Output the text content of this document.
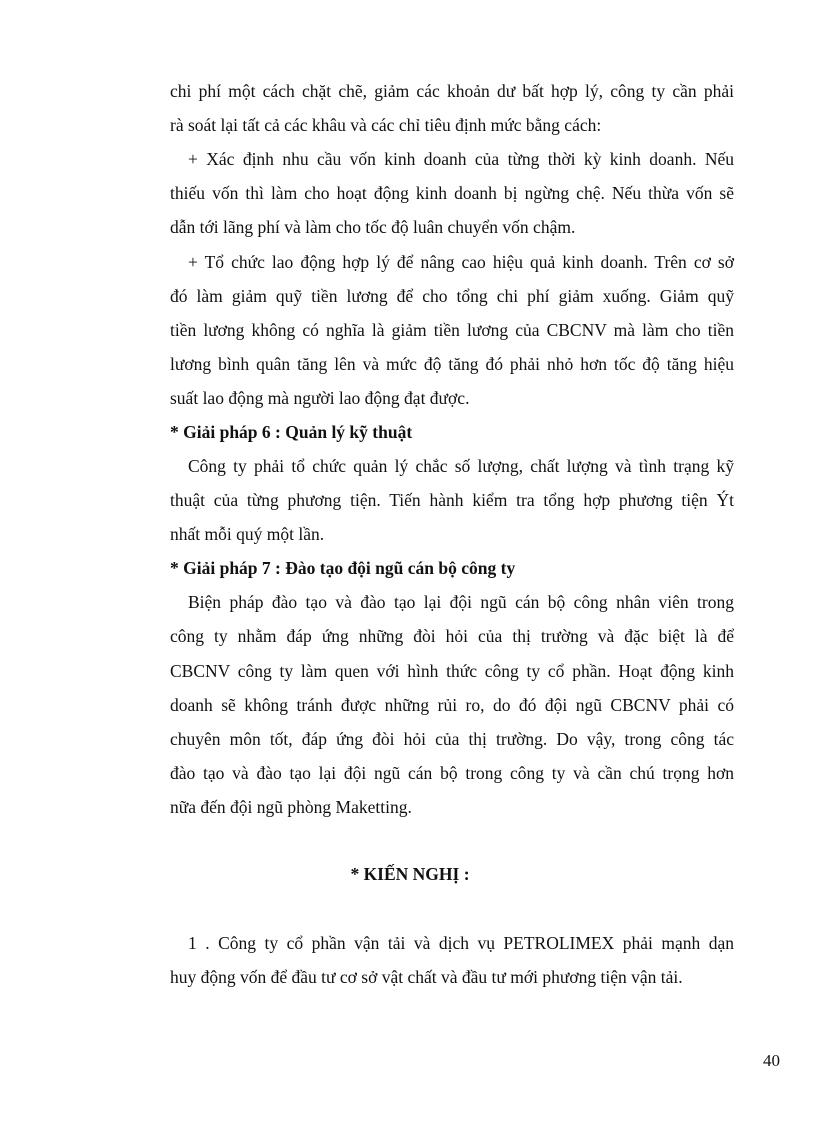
chi phí một cách chặt chẽ, giảm các khoản dư bất hợp lý, công ty cần phải
rà soát lại tất cả các khâu và các chỉ tiêu định mức bằng cách:
+ Xác định nhu cầu vốn kinh doanh của từng thời kỳ kinh doanh. Nếu
thiếu vốn thì làm cho hoạt động kinh doanh bị ngừng chệ. Nếu thừa vốn sẽ
dẫn tới lãng phí và làm cho tốc độ luân chuyển vốn chậm.
+ Tổ chức lao động hợp lý để nâng cao hiệu quả kinh doanh. Trên cơ sở
đó làm giảm quỹ tiền lương để cho tổng chi phí giảm xuống. Giảm quỹ
tiền lương không có nghĩa là giảm tiền lương của CBCNV mà làm cho tiền
lương bình quân tăng lên và mức độ tăng đó phải nhỏ hơn tốc độ tăng hiệu
suất lao động mà người lao động đạt được.
* Giải pháp 6 : Quản lý kỹ thuật
Công ty phải tổ chức quản lý chắc số lượng, chất lượng và tình trạng kỹ
thuật của từng phương tiện. Tiến hành kiểm tra tổng hợp phương tiện Ýt
nhất mỗi quý một lần.
* Giải pháp 7 : Đào tạo đội ngũ cán bộ công ty
Biện pháp đào tạo và đào tạo lại đội ngũ cán bộ công nhân viên trong
công ty nhằm đáp ứng những đòi hỏi của thị trường và đặc biệt là để
CBCNV công ty làm quen với hình thức công ty cổ phần. Hoạt động kinh
doanh sẽ không tránh được những rủi ro, do đó đội ngũ CBCNV phải có
chuyên môn tốt, đáp ứng đòi hỏi của thị trường. Do vậy, trong công tác
đào tạo và đào tạo lại đội ngũ cán bộ trong công ty và cần chú trọng hơn
nữa đến đội ngũ phòng Maketting.
* KIẾN NGHỊ :
1 . Công ty cổ phần vận tải và dịch vụ PETROLIMEX phải mạnh dạn
huy động vốn để đầu tư cơ sở vật chất và đầu tư mới phương tiện vận tải.
40
